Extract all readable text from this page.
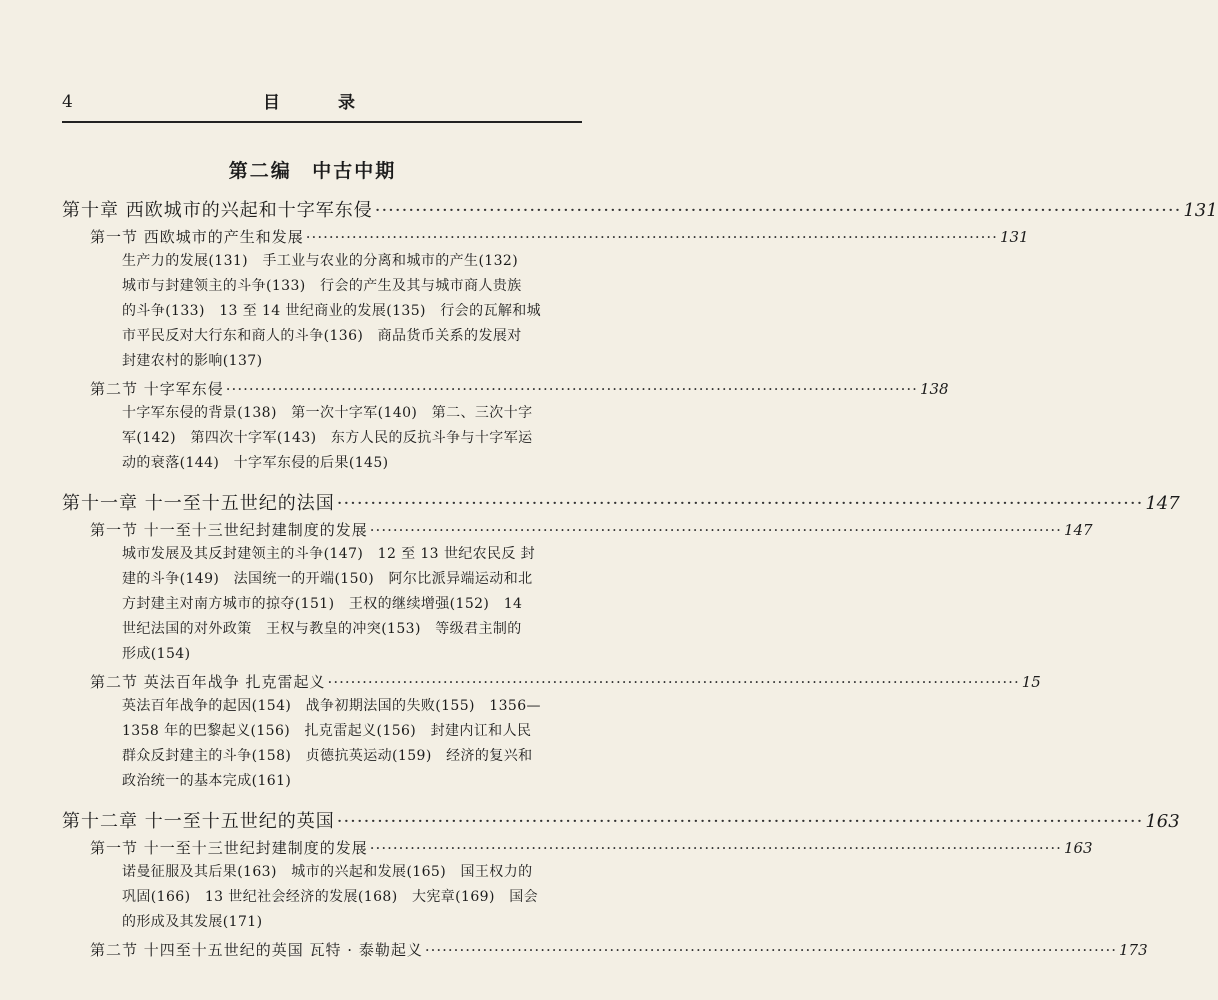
4	目 录
第二编 中古中期
第十章 西欧城市的兴起和十字军东侵 ························································································································ 131
第一节 西欧城市的产生和发展 ························································································································ 131
生产力的发展(131)　手工业与农业的分离和城市的产生(132)
城市与封建领主的斗争(133)　行会的产生及其与城市商人贵族
的斗争(133)　13 至 14 世纪商业的发展(135)　行会的瓦解和城
市平民反对大行东和商人的斗争(136)　商品货币关系的发展对
封建农村的影响(137)
第二节 十字军东侵 ························································································································ 138
十字军东侵的背景(138)　第一次十字军(140)　第二、三次十字
军(142)　第四次十字军(143)　东方人民的反抗斗争与十字军运
动的衰落(144)　十字军东侵的后果(145)
第十一章 十一至十五世纪的法国 ························································································································ 147
第一节 十一至十三世纪封建制度的发展 ························································································································ 147
城市发展及其反封建领主的斗争(147)　12 至 13 世纪农民反 封
建的斗争(149)　法国统一的开端(150)　阿尔比派异端运动和北
方封建主对南方城市的掠夺(151)　王权的继续增强(152)　14
世纪法国的对外政策　王权与教皇的冲突(153)　等级君主制的
形成(154)
第二节 英法百年战争 扎克雷起义 ························································································································ 15
英法百年战争的起因(154)　战争初期法国的失败(155)　1356—
1358 年的巴黎起义(156)　扎克雷起义(156)　封建内讧和人民
群众反封建主的斗争(158)　贞德抗英运动(159)　经济的复兴和
政治统一的基本完成(161)
第十二章 十一至十五世纪的英国 ························································································································ 163
第一节 十一至十三世纪封建制度的发展 ························································································································ 163
诺曼征服及其后果(163)　城市的兴起和发展(165)　国王权力的
巩固(166)　13 世纪社会经济的发展(168)　大宪章(169)　国会
的形成及其发展(171)
第二节 十四至十五世纪的英国 瓦特 · 泰勒起义 ························································································································ 173
